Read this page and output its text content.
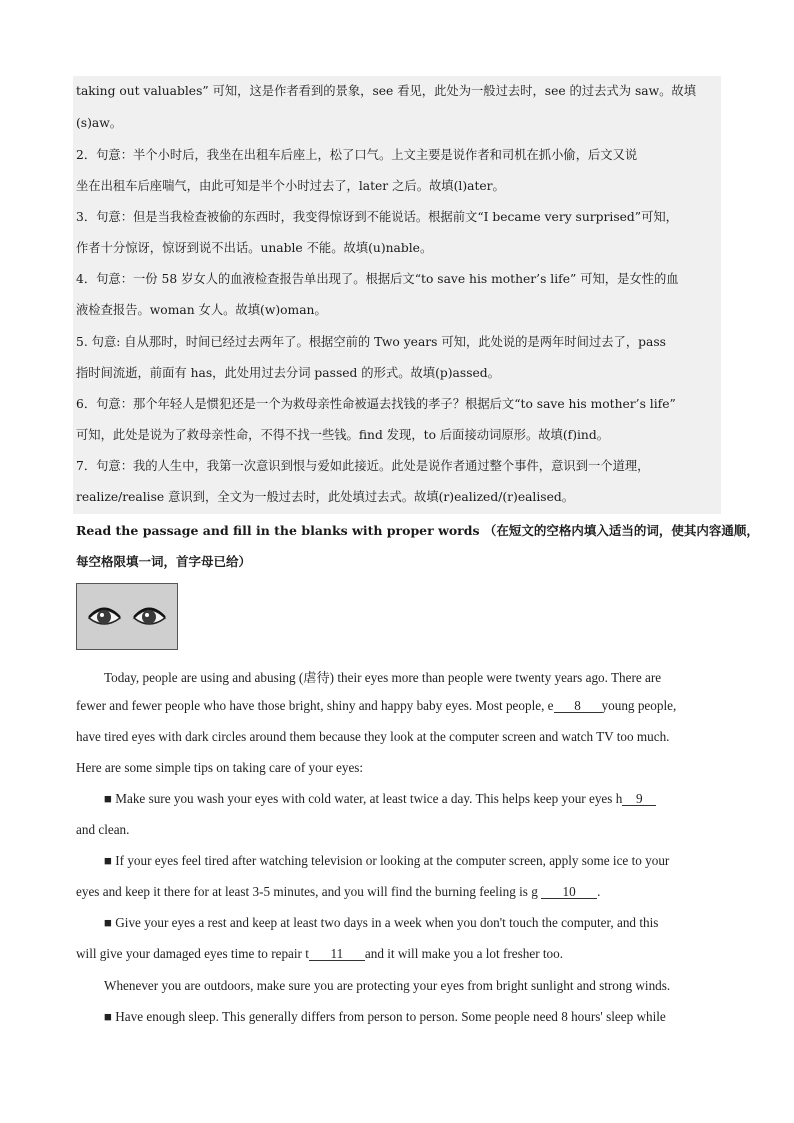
taking out valuables” 可知，这是作者看到的景象，see 看见，此处为一般过去时，see 的过去式为 saw。故填
(s)aw。
2．句意：半个小时后，我坐在出租车后座上，松了口气。上文主要是说作者和司机在抓小偷，后文又说
坐在出租车后座喘气，由此可知是半个小时过去了，later 之后。故填(l)ater。
3．句意：但是当我检查被偷的东西时，我变得惊讶到不能说话。根据前文“I became very surprised”可知，
作者十分惊讶，惊讶到说不出话。unable 不能。故填(u)nable。
4．句意：一份 58 岁女人的血液检查报告单出现了。根据后文“to save his mother’s life” 可知，是女性的血
液检查报告。woman 女人。故填(w)oman。
5. 句意: 自从那时，时间已经过去两年了。根据空前的 Two years 可知，此处说的是两年时间过去了，pass
指时间流逝，前面有 has，此处用过去分词 passed 的形式。故填(p)assed。
6．句意：那个年轻人是惯犯还是一个为救母亲性命被逼去找钱的孝子？根据后文“to save his mother’s life”
可知，此处是说为了救母亲性命，不得不找一些钱。find 发现，to 后面接动词原形。故填(f)ind。
7．句意：我的人生中，我第一次意识到恨与爱如此接近。此处是说作者通过整个事件，意识到一个道理，
realize/realise 意识到，全文为一般过去时，此处填过去式。故填(r)ealized/(r)ealised。
Read the passage and fill in the blanks with proper words （在短文的空格内填入适当的词，使其内容通顺，
每空格限填一词，首字母已给）
Today, people are using and abusing (虐待) their eyes more than people were twenty years ago. There are
fewer and fewer people who have those bright, shiny and happy baby eyes. Most people, e 8 young people,
have tired eyes with dark circles around them because they look at the computer screen and watch TV too much.
Here are some simple tips on taking care of your eyes:
■ Make sure you wash your eyes with cold water, at least twice a day. This helps keep your eyes h 9
and clean.
■ If your eyes feel tired after watching television or looking at the computer screen, apply some ice to your
eyes and keep it there for at least 3-5 minutes, and you will find the burning feeling is g 10 .
■ Give your eyes a rest and keep at least two days in a week when you don't touch the computer, and this
will give your damaged eyes time to repair t 11 and it will make you a lot fresher too.
Whenever you are outdoors, make sure you are protecting your eyes from bright sunlight and strong winds.
■ Have enough sleep. This generally differs from person to person. Some people need 8 hours' sleep while
